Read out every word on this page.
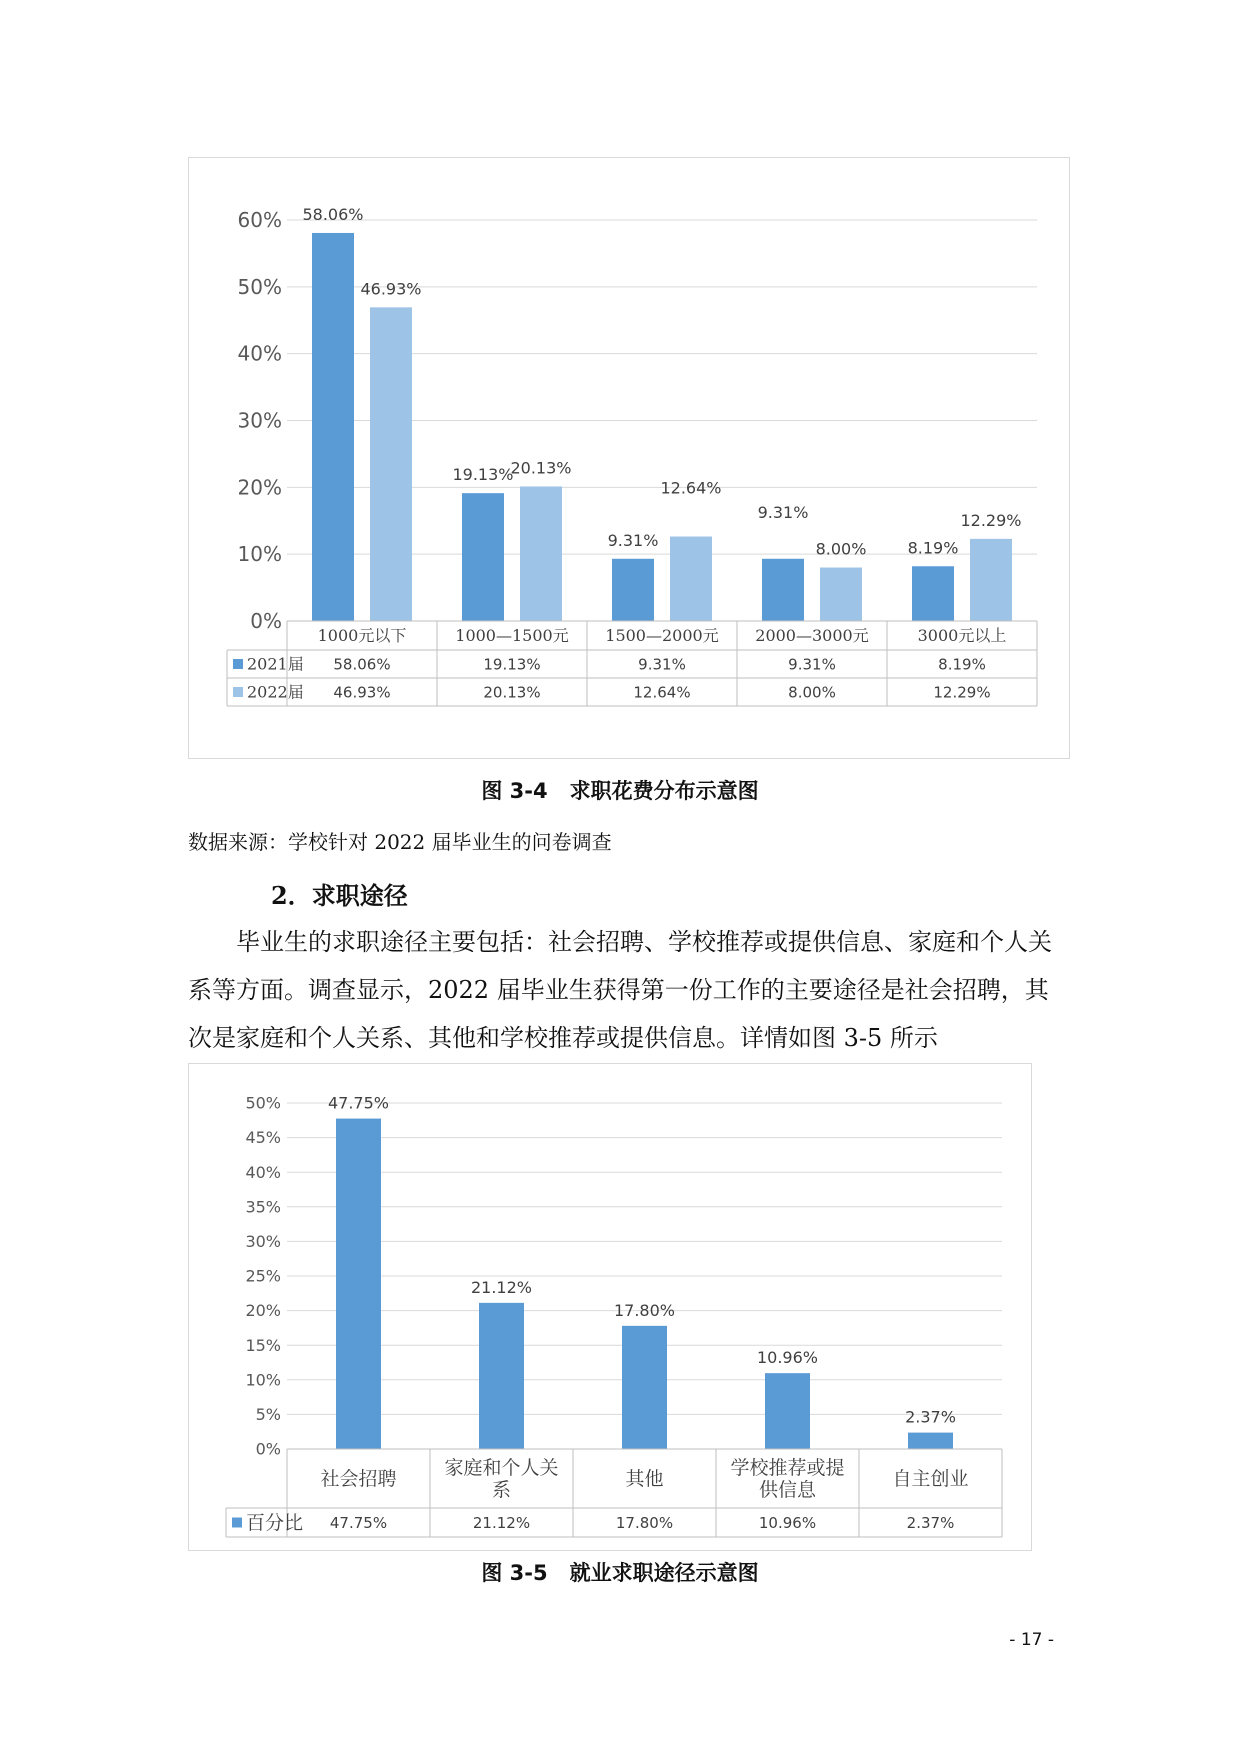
0%
10%
20%
30%
40%
50%
60% 58.06%
19.13%
9.31%
9.31%
8.19%
46.93%
20.13%
12.64%
8.00%
12.29%
1000元以下	1000—1500元 1500—2000元 2000—3000元	3000元以上
2021届 58.06%	19.13%	9.31%	9.31%	8.19%
2022届 46.93%	20.13%	12.64%	8.00%	12.29%
图 3-4 求职花费分布示意图
数据来源：学校针对 2022 届毕业生的问卷调查
2．求职途径
毕业生的求职途径主要包括：社会招聘、学校推荐或提供信息、家庭和个人关系等方面。调查显示，2022 届毕业生获得第一份工作的主要途径是社会招聘，其次是家庭和个人关系、其他和学校推荐或提供信息。详情如图 3-5 所示
0%
5%
10%
15%
20%
25%
30%
35%
40%
45%
50%	47.75%
21.12%
17.80%
10.96%
2.37%
社会招聘	家庭和个人关系	其他	学校推荐或提供信息	自主创业
百分比 47.75%	21.12%	17.80%	10.96%	2.37%
图 3-5 就业求职途径示意图
- 17 -
